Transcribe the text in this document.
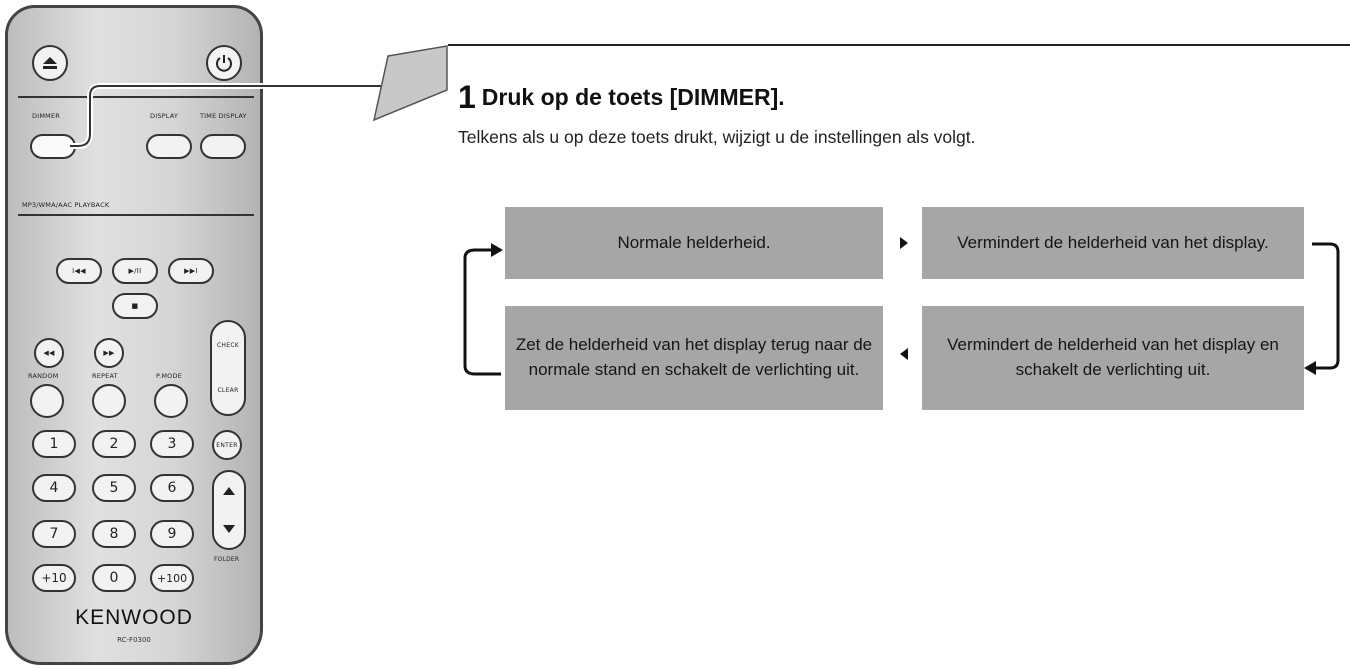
DIMMER	DISPLAY	TIME DISPLAY
MP3/WMA/AAC PLAYBACK
I◀◀	▶/II	▶▶I
■
◀◀	▶▶
CHECK
CLEAR
RANDOM	REPEAT	P.MODE
1	2	3	ENTER
4	5	6
FOLDER
7	8	9
+10	0	+100
KENWOOD
RC-F0300
1 Druk op de toets [DIMMER].
Telkens als u op deze toets drukt, wijzigt u de instellingen als volgt.
Normale helderheid.	Vermindert de helderheid van het display.
Vermindert de helderheid van het display en schakelt de verlichting uit.
Zet de helderheid van het display terug naar de normale stand en schakelt de verlichting uit.
